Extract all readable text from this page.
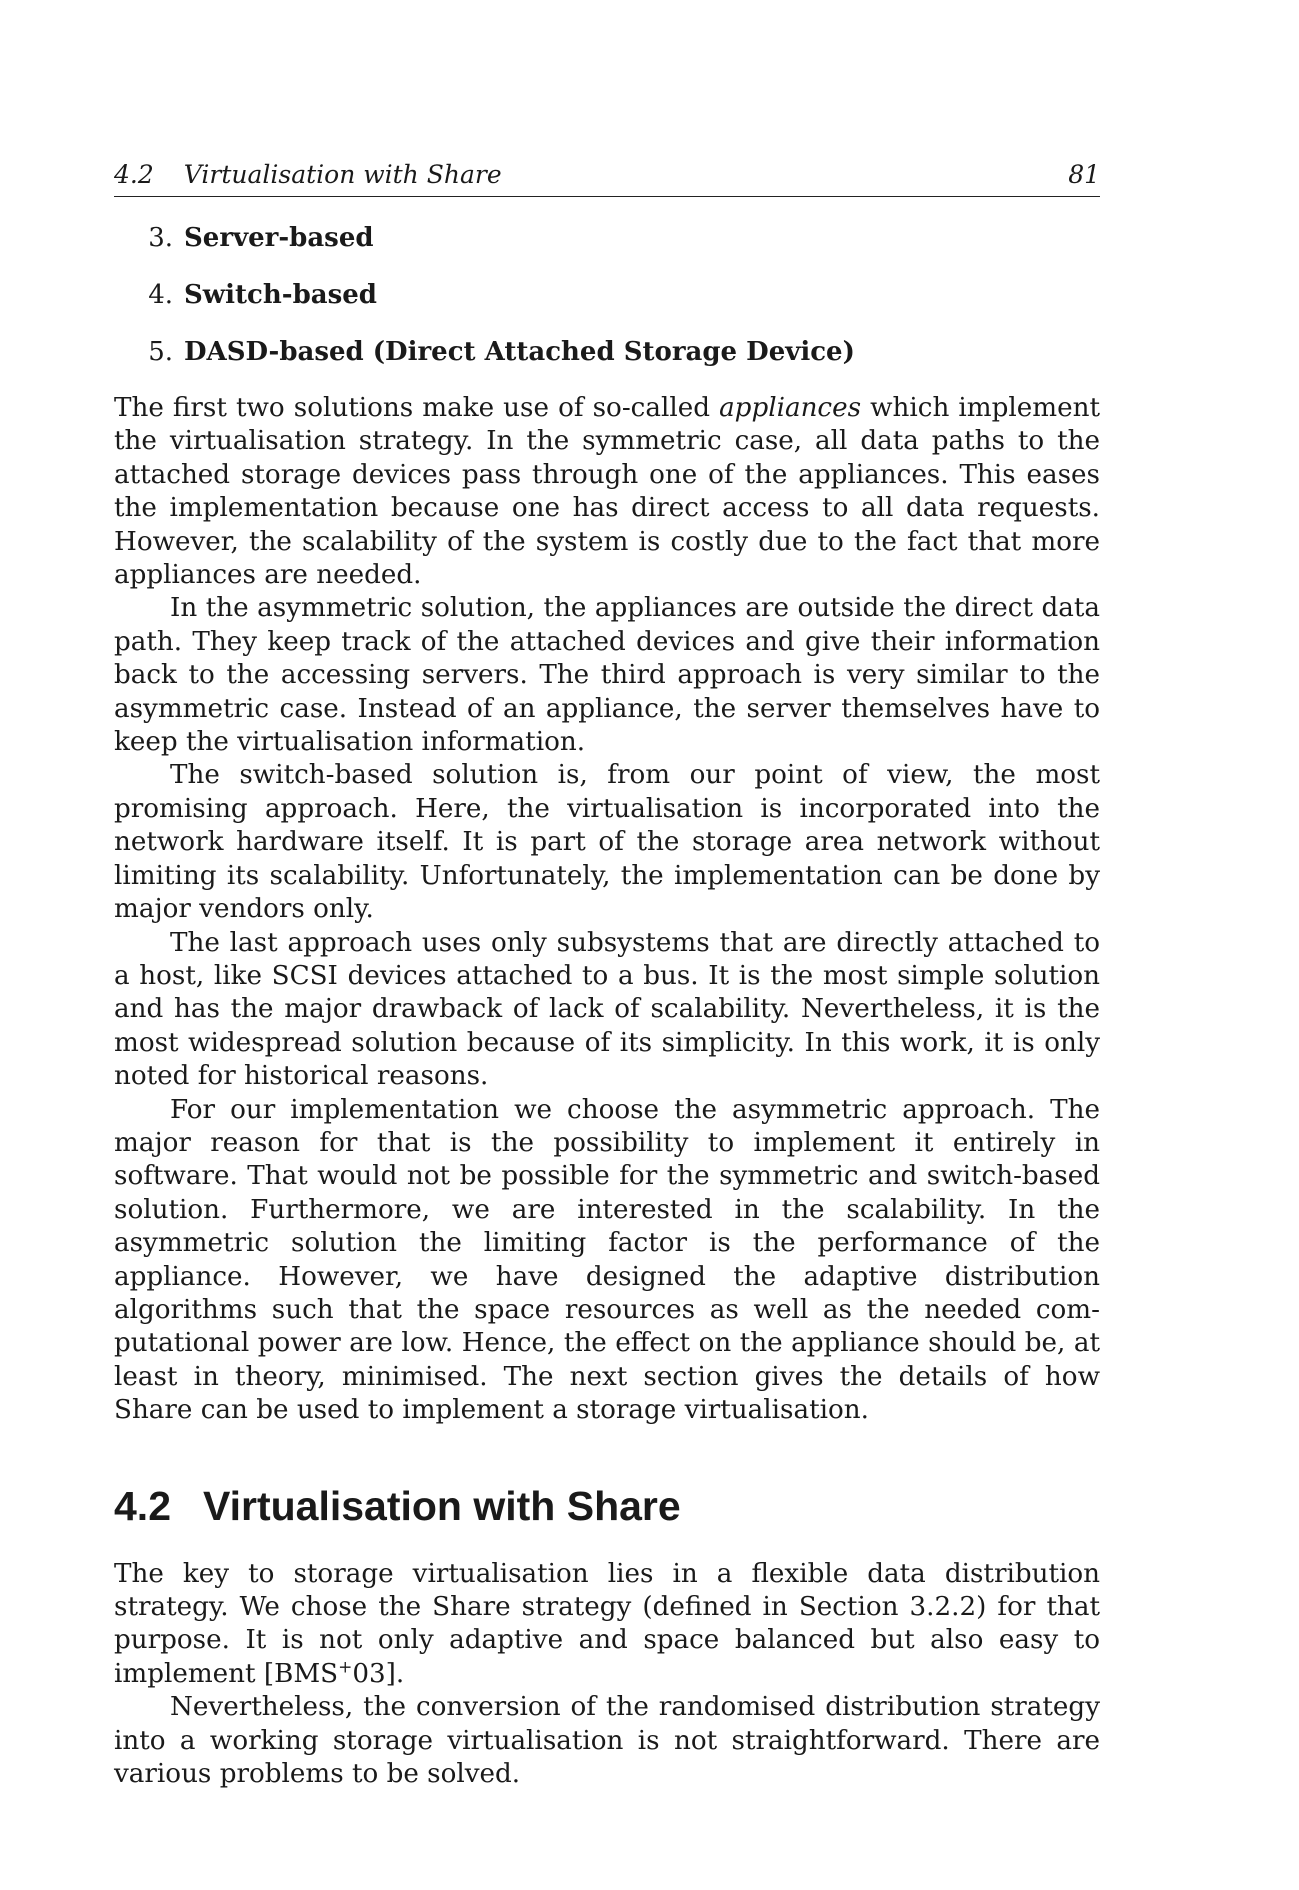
4.2 Virtualisation with Share	81
3. Server-based
4. Switch-based
5. DASD-based (Direct Attached Storage Device)

The first two solutions make use of so-called appliances which implement the virtualisation strategy. In the symmetric case, all data paths to the attached storage devices pass through one of the appliances. This eases the implementation because one has direct access to all data requests. However, the scalability of the system is costly due to the fact that more appliances are needed.

In the asymmetric solution, the appliances are outside the direct data path. They keep track of the attached devices and give their information back to the accessing servers. The third approach is very similar to the asymmetric case. Instead of an appliance, the server themselves have to keep the virtualisation information.

The switch-based solution is, from our point of view, the most promising approach. Here, the virtualisation is incorporated into the network hardware itself. It is part of the storage area network without limiting its scalability. Unfortunately, the implementation can be done by major vendors only.

The last approach uses only subsystems that are directly attached to a host, like SCSI devices attached to a bus. It is the most simple solution and has the major drawback of lack of scalability. Nevertheless, it is the most widespread solution because of its simplicity. In this work, it is only noted for historical reasons.

For our implementation we choose the asymmetric approach. The major reason for that is the possibility to implement it entirely in software. That would not be possible for the symmetric and switch-based solution. Furthermore, we are interested in the scalability. In the asymmetric solution the limiting factor is the performance of the appliance. However, we have designed the adaptive distribution algorithms such that the space resources as well as the needed computational power are low. Hence, the effect on the appliance should be, at least in theory, minimised. The next section gives the details of how Share can be used to implement a storage virtualisation.

4.2 Virtualisation with Share

The key to storage virtualisation lies in a flexible data distribution strategy. We chose the Share strategy (defined in Section 3.2.2) for that purpose. It is not only adaptive and space balanced but also easy to implement [BMS+03].

Nevertheless, the conversion of the randomised distribution strategy into a working storage virtualisation is not straightforward. There are various problems to be solved.
